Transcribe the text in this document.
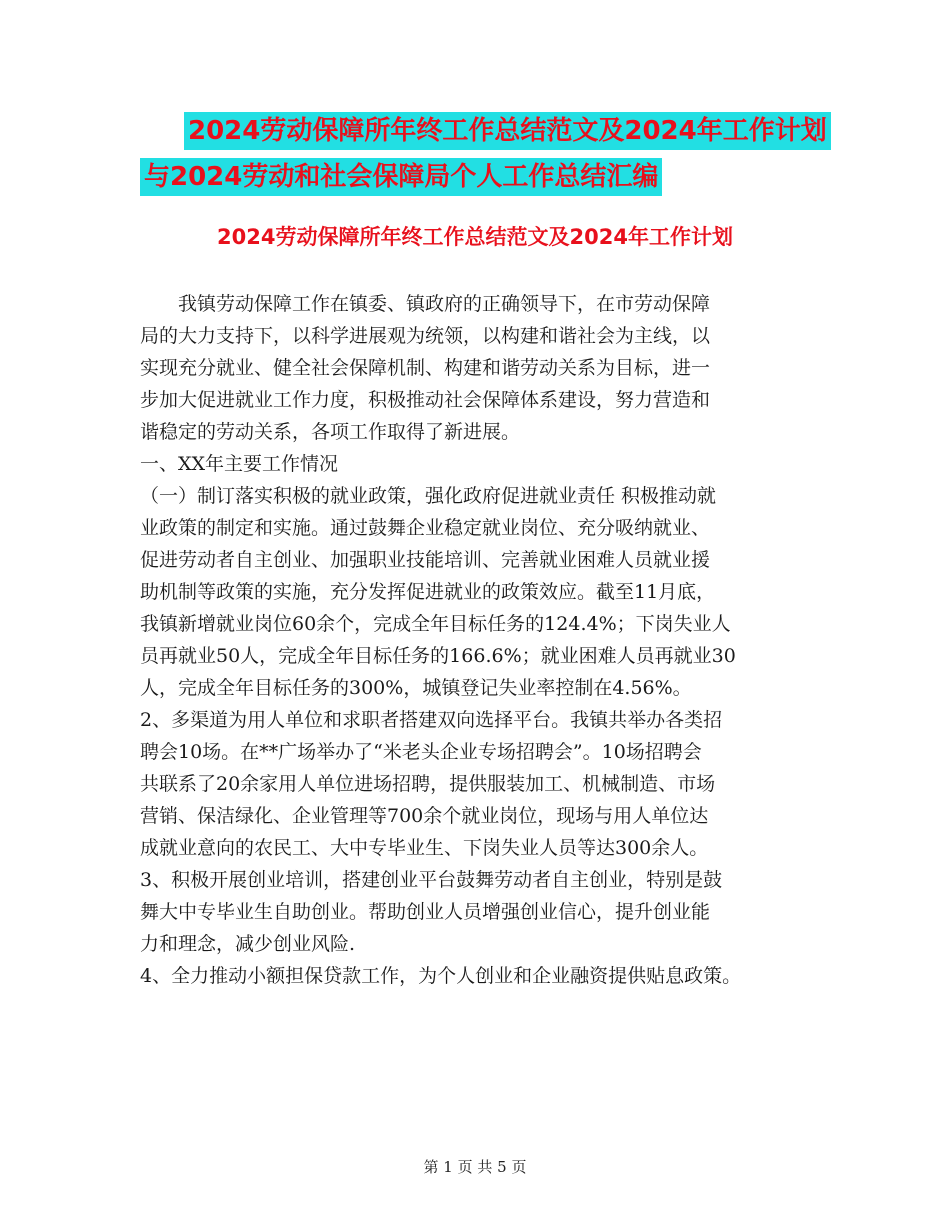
2024劳动保障所年终工作总结范文及2024年工作计划
与2024劳动和社会保障局个人工作总结汇编
2024劳动保障所年终工作总结范文及2024年工作计划
　　我镇劳动保障工作在镇委、镇政府的正确领导下，在市劳动保障
局的大力支持下，以科学进展观为统领，以构建和谐社会为主线，以
实现充分就业、健全社会保障机制、构建和谐劳动关系为目标，进一
步加大促进就业工作力度，积极推动社会保障体系建设，努力营造和
谐稳定的劳动关系，各项工作取得了新进展。
一、XX年主要工作情况
（一）制订落实积极的就业政策，强化政府促进就业责任 积极推动就
业政策的制定和实施。通过鼓舞企业稳定就业岗位、充分吸纳就业、
促进劳动者自主创业、加强职业技能培训、完善就业困难人员就业援
助机制等政策的实施，充分发挥促进就业的政策效应。截至11月底，
我镇新增就业岗位60余个，完成全年目标任务的124.4%；下岗失业人
员再就业50人，完成全年目标任务的166.6%；就业困难人员再就业30
人，完成全年目标任务的300%，城镇登记失业率控制在4.56%。
2、多渠道为用人单位和求职者搭建双向选择平台。我镇共举办各类招
聘会10场。在**广场举办了“米老头企业专场招聘会”。10场招聘会
共联系了20余家用人单位进场招聘，提供服装加工、机械制造、市场
营销、保洁绿化、企业管理等700余个就业岗位，现场与用人单位达
成就业意向的农民工、大中专毕业生、下岗失业人员等达300余人。
3、积极开展创业培训，搭建创业平台鼓舞劳动者自主创业，特别是鼓
舞大中专毕业生自助创业。帮助创业人员增强创业信心，提升创业能
力和理念，减少创业风险.
4、全力推动小额担保贷款工作，为个人创业和企业融资提供贴息政策。
第 1 页 共 5 页
